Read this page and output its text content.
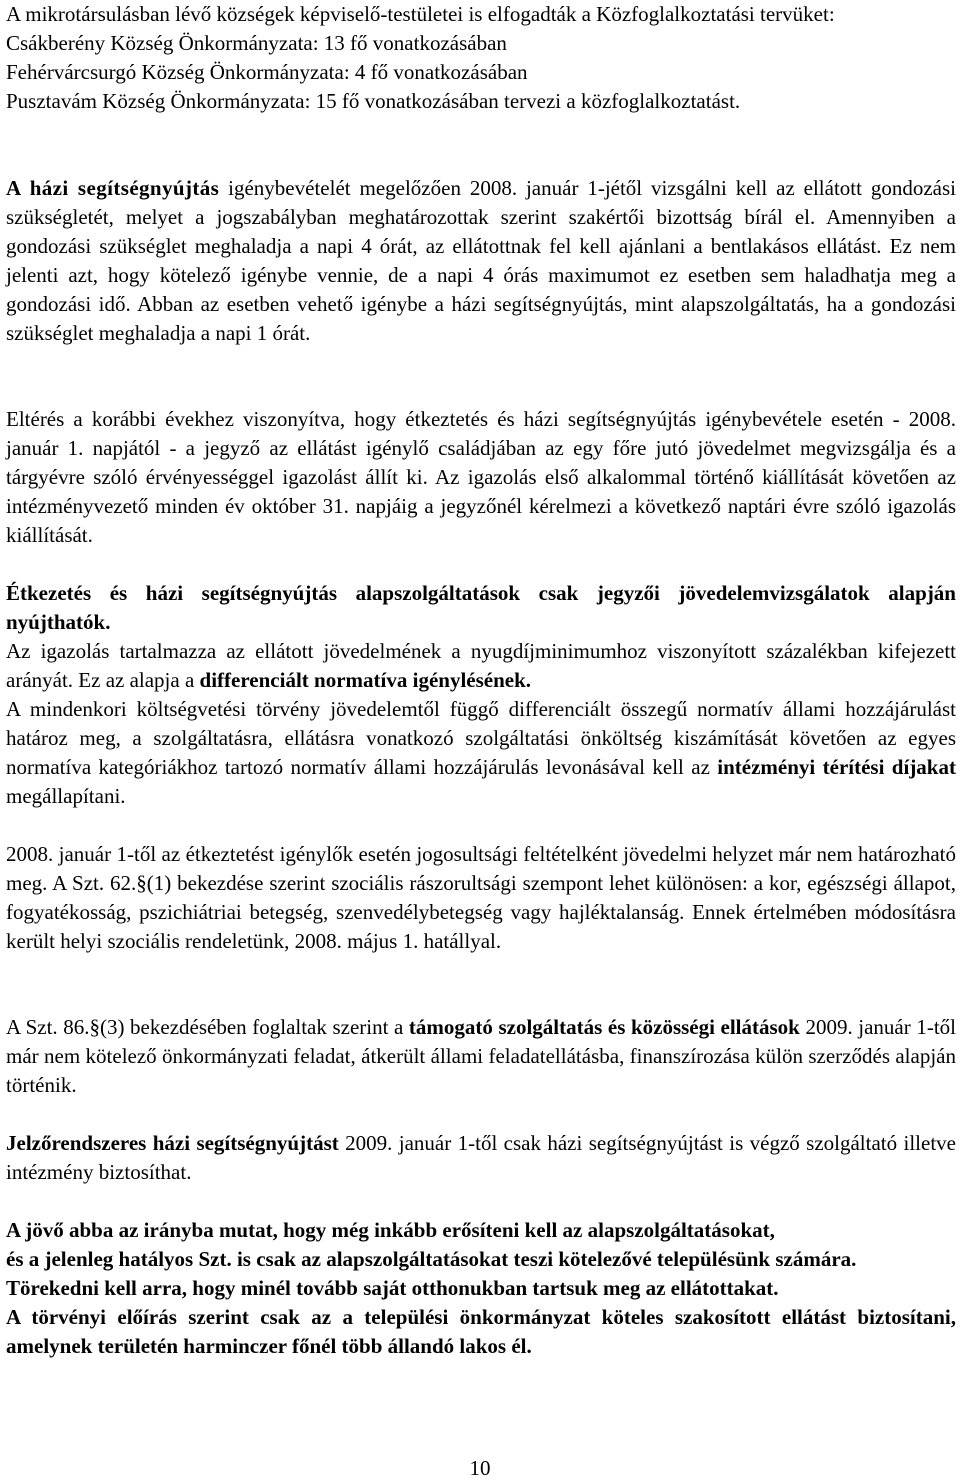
A mikrotársulásban lévő községek képviselő-testületei is elfogadták a Közfoglalkoztatási tervüket:
Csákberény Község Önkormányzata: 13 fő vonatkozásában
Fehérvárcsurgó Község Önkormányzata: 4 fő vonatkozásában
Pusztavám Község Önkormányzata: 15 fő vonatkozásában tervezi a közfoglalkoztatást.

A házi segítségnyújtás igénybevételét megelőzően 2008. január 1-jétől vizsgálni kell az ellátott gondozási szükségletét, melyet a jogszabályban meghatározottak szerint szakértői bizottság bírál el. Amennyiben a gondozási szükséglet meghaladja a napi 4 órát, az ellátottnak fel kell ajánlani a bentlakásos ellátást. Ez nem jelenti azt, hogy kötelező igénybe vennie, de a napi 4 órás maximumot ez esetben sem haladhatja meg a gondozási idő. Abban az esetben vehető igénybe a házi segítségnyújtás, mint alapszolgáltatás, ha a gondozási szükséglet meghaladja a napi 1 órát.

Eltérés a korábbi évekhez viszonyítva, hogy étkeztetés és házi segítségnyújtás igénybevétele esetén - 2008. január 1. napjától - a jegyző az ellátást igénylő családjában az egy főre jutó jövedelmet megvizsgálja és a tárgyévre szóló érvényességgel igazolást állít ki. Az igazolás első alkalommal történő kiállítását követően az intézményvezető minden év október 31. napjáig a jegyzőnél kérelmezi a következő naptári évre szóló igazolás kiállítását.

Étkezetés és házi segítségnyújtás alapszolgáltatások csak jegyzői jövedelemvizsgálatok alapján nyújthatók.
Az igazolás tartalmazza az ellátott jövedelmének a nyugdíjminimumhoz viszonyított százalékban kifejezett arányát. Ez az alapja a differenciált normatíva igénylésének.
A mindenkori költségvetési törvény jövedelemtől függő differenciált összegű normatív állami hozzájárulást határoz meg, a szolgáltatásra, ellátásra vonatkozó szolgáltatási önköltség kiszámítását követően az egyes normatíva kategóriákhoz tartozó normatív állami hozzájárulás levonásával kell az intézményi térítési díjakat megállapítani.

2008. január 1-től az étkeztetést igénylők esetén jogosultsági feltételként jövedelmi helyzet már nem határozható meg. A Szt. 62.§(1) bekezdése szerint szociális rászorultsági szempont lehet különösen: a kor, egészségi állapot, fogyatékosság, pszichiátriai betegség, szenvedélybetegség vagy hajléktalanság. Ennek értelmében módosításra került helyi szociális rendeletünk, 2008. május 1. hatállyal.

A Szt. 86.§(3) bekezdésében foglaltak szerint a támogató szolgáltatás és közösségi ellátások 2009. január 1-től már nem kötelező önkormányzati feladat, átkerült állami feladatellátásba, finanszírozása külön szerződés alapján történik.

Jelzőrendszeres házi segítségnyújtást 2009. január 1-től csak házi segítségnyújtást is végző szolgáltató illetve intézmény biztosíthat.

A jövő abba az irányba mutat, hogy még inkább erősíteni kell az alapszolgáltatásokat,
és a jelenleg hatályos Szt. is csak az alapszolgáltatásokat teszi kötelezővé településünk számára.
Törekedni kell arra, hogy minél tovább saját otthonukban tartsuk meg az ellátottakat.
A törvényi előírás szerint csak az a települési önkormányzat köteles szakosított ellátást biztosítani, amelynek területén harminczer főnél több állandó lakos él.
10
